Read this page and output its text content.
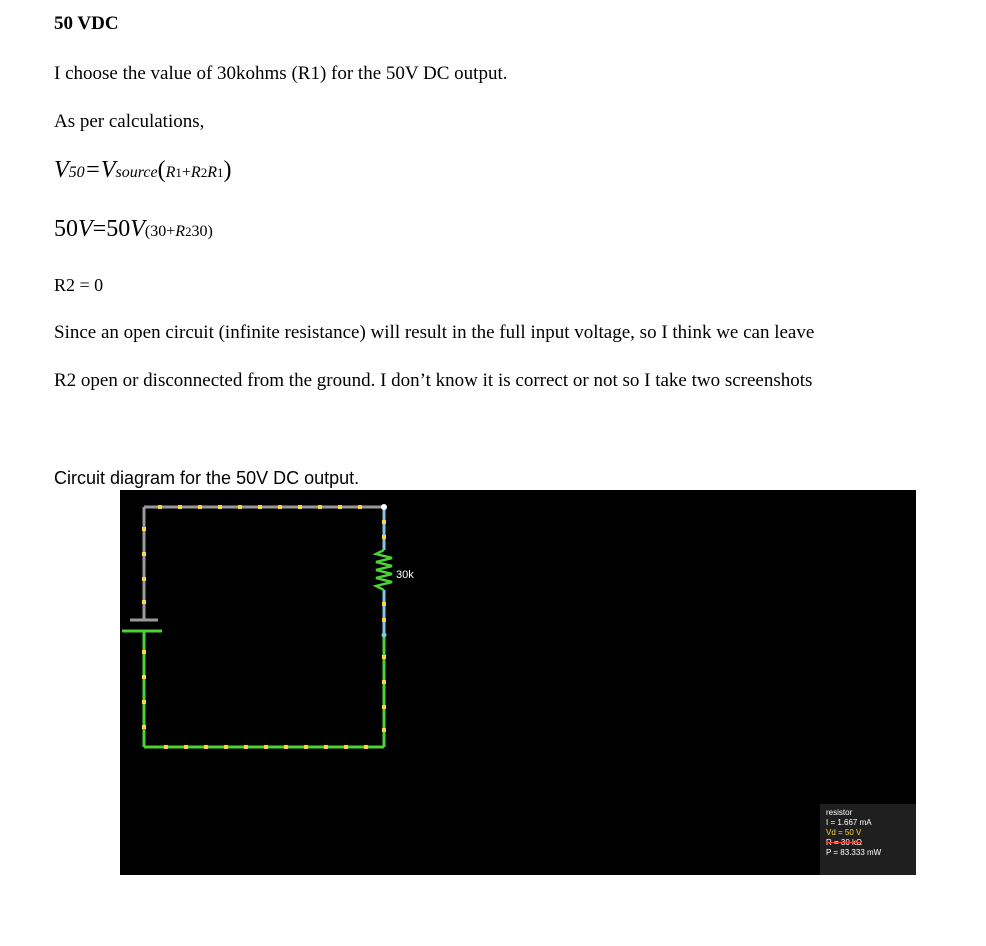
50 VDC
I choose the value of 30kohms (R1) for the 50V DC output.
As per calculations,
V50=Vsource(R1+R2R1)
50V=50V(30+R230)
R2 = 0
Since an open circuit (infinite resistance) will result in the full input voltage, so I think we can leave
R2 open or disconnected from the ground. I don’t know it is correct or not so I take two screenshots
Circuit diagram for the 50V DC output.
30k
resistor
I = 1.667 mA
Vd = 50 V
R = 30 kΩ
P = 83.333 mW
